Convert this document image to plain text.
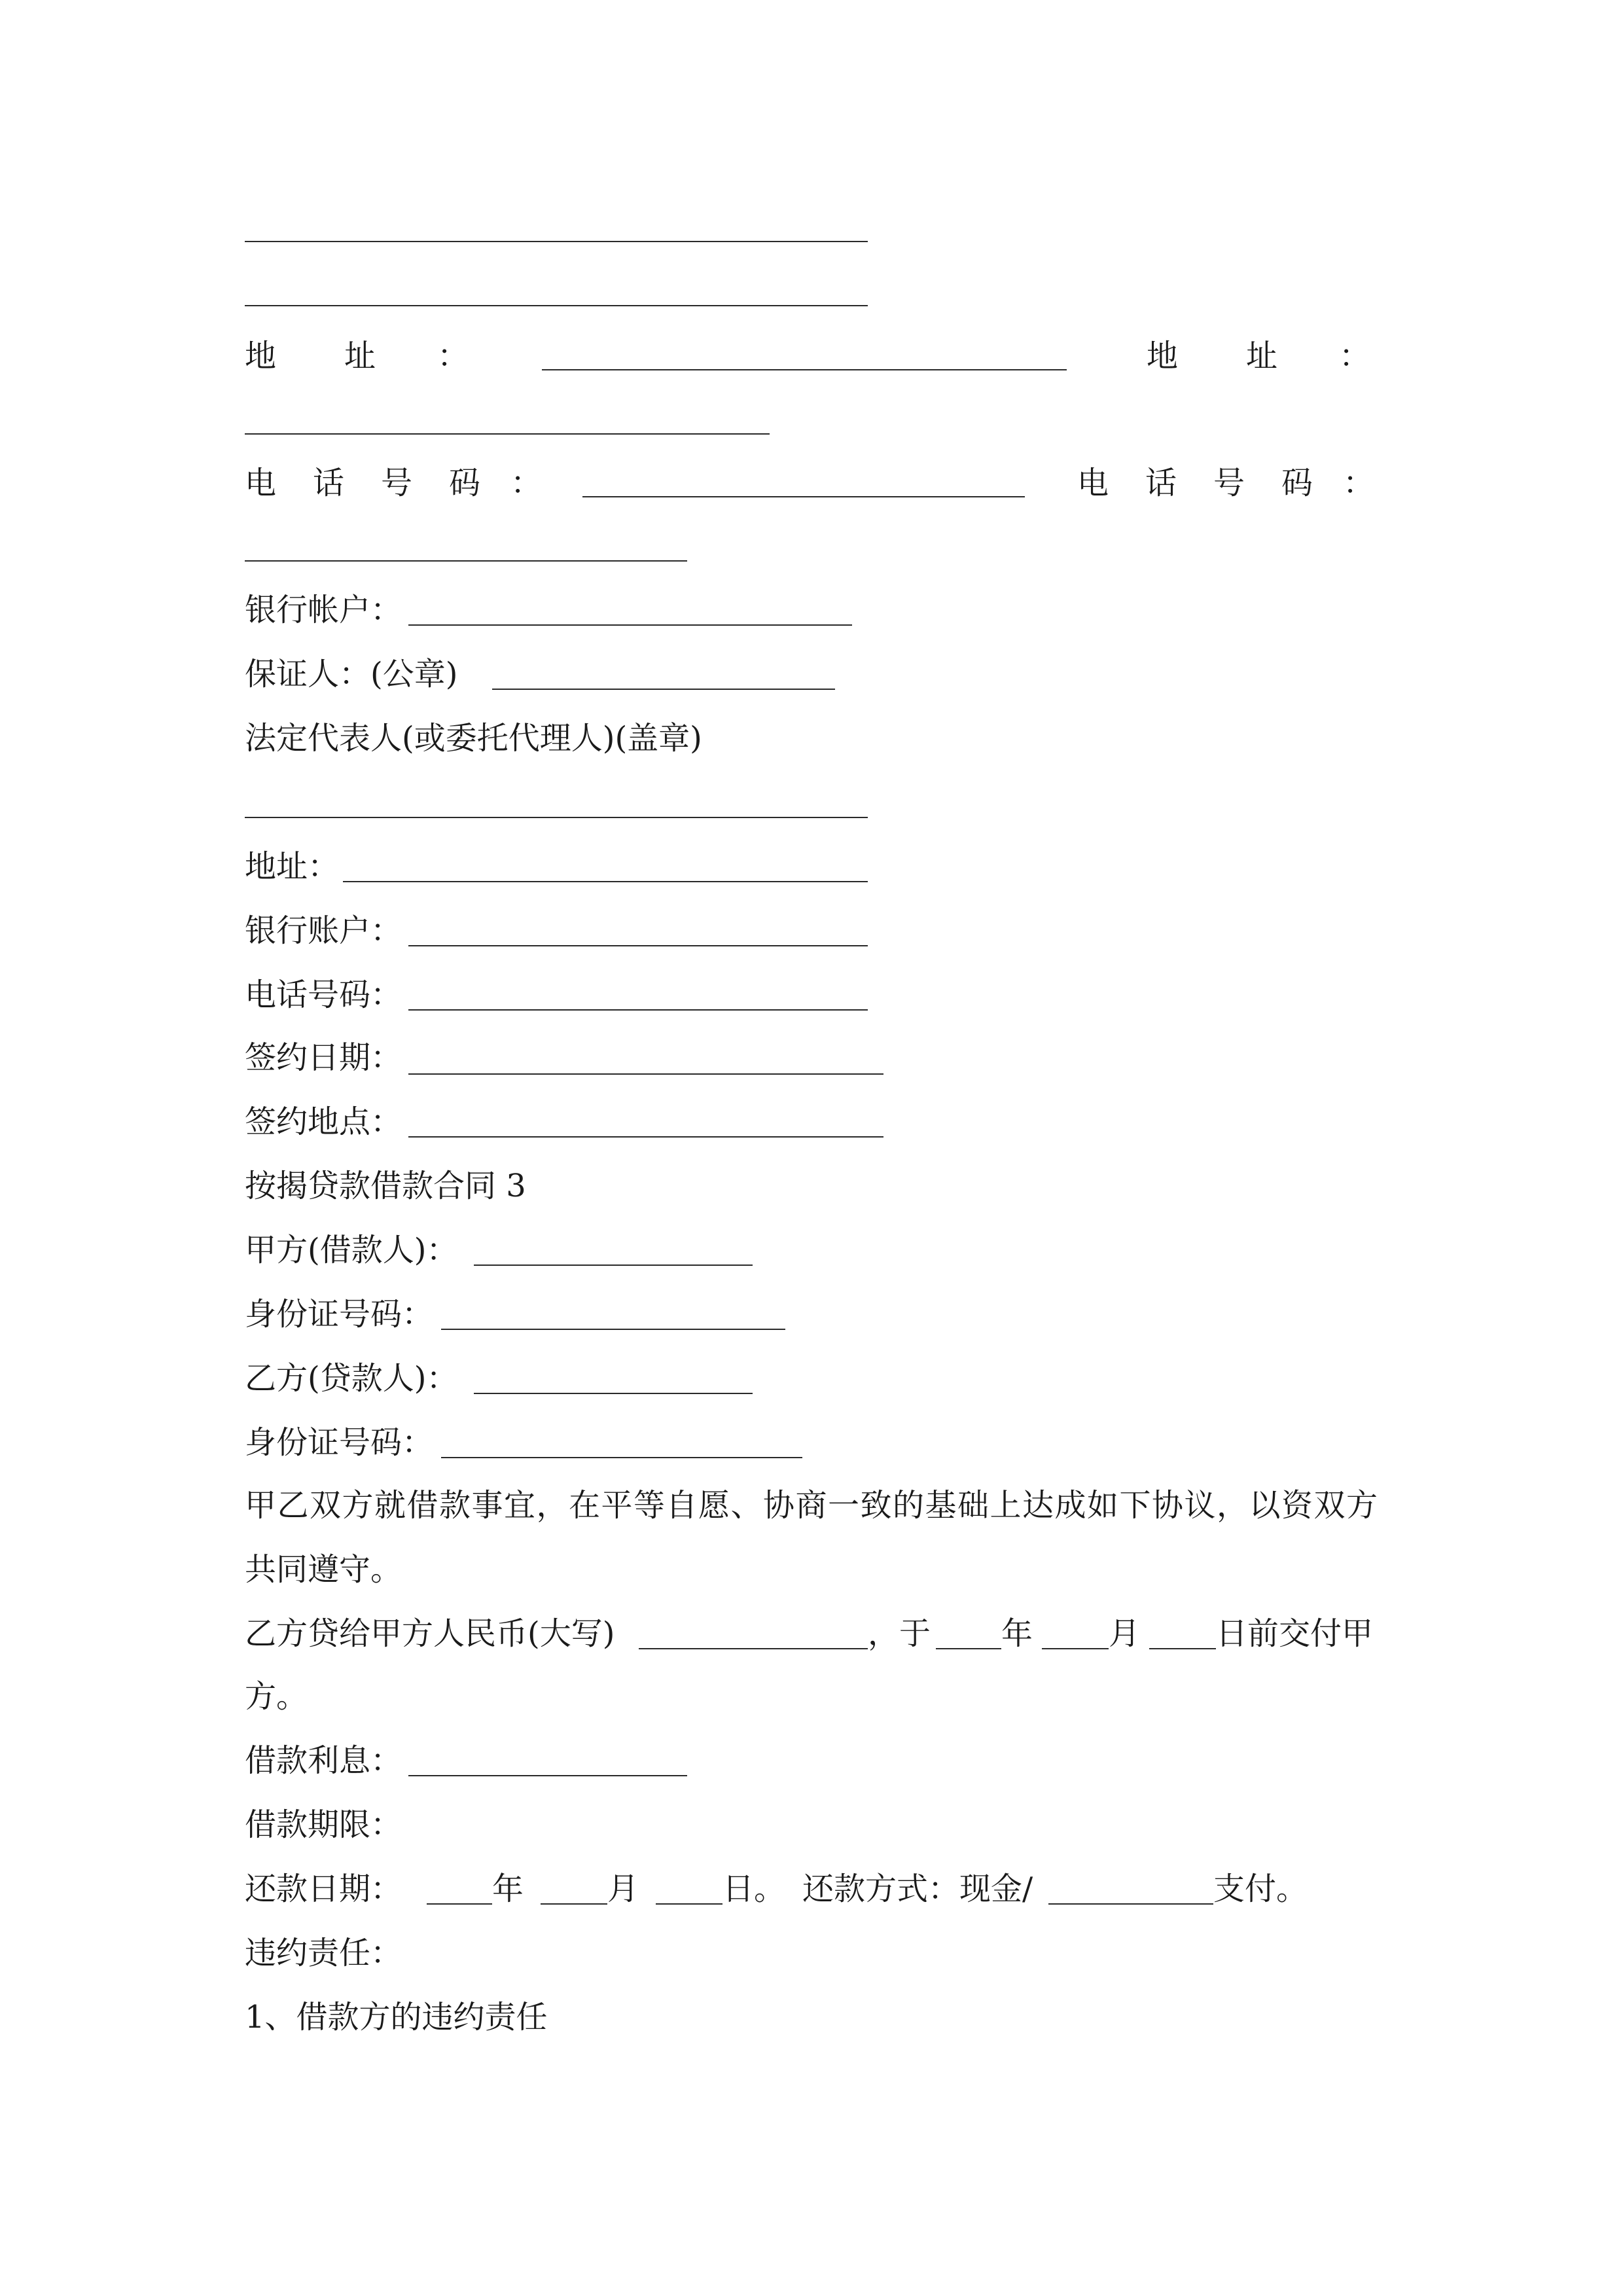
地 址 ：	地 址 ：
电 话 号 码 ：	电 话 号 码 ：
银行帐户：
保证人：(公章)
法定代表人(或委托代理人)(盖章)
地址：
银行账户：
电话号码：
签约日期：
签约地点：
按揭贷款借款合同 3
甲方(借款人)：
身份证号码：
乙方(贷款人)：
身份证号码：
甲乙双方就借款事宜，在平等自愿、协商一致的基础上达成如下协议，以资双方
共同遵守。
乙方贷给甲方人民币(大写)	，于 年 月 日前交付甲
方。
借款利息：
借款期限：
还款日期：	年	月	日。 还款方式：现金/	支付。
违约责任：
1、借款方的违约责任
